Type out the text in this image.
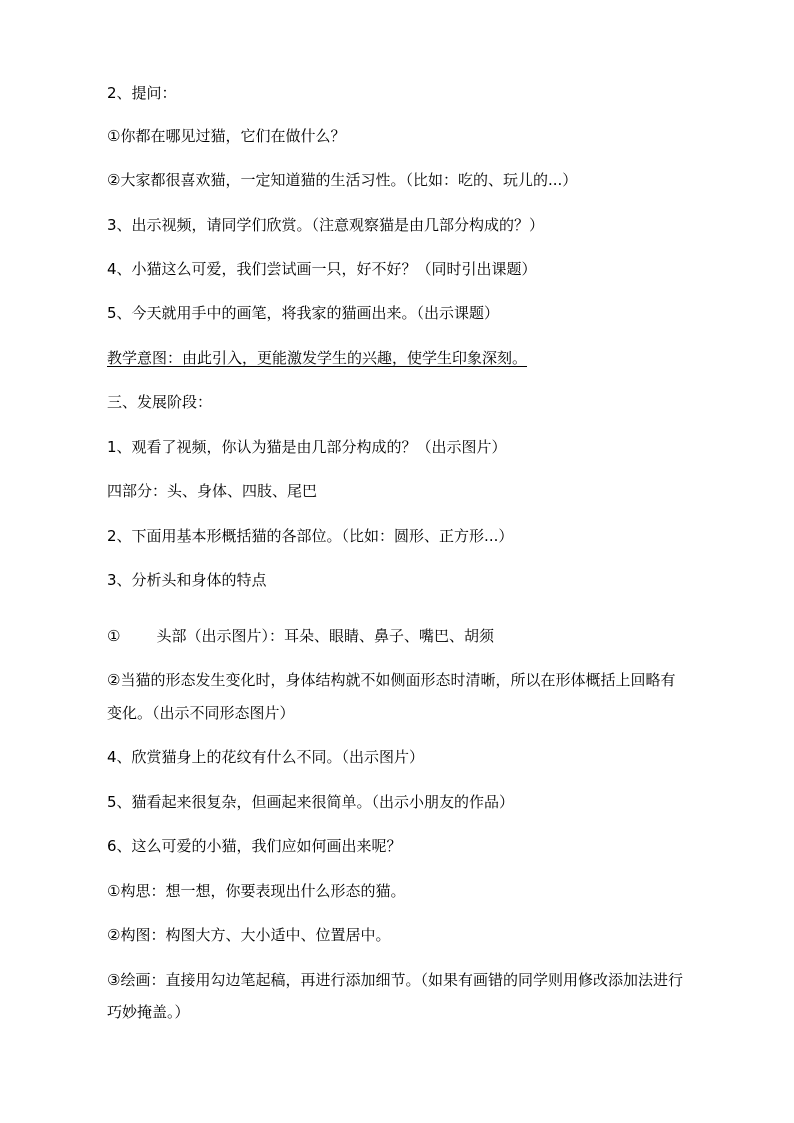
2、提问：
①你都在哪见过猫，它们在做什么？
②大家都很喜欢猫，一定知道猫的生活习性。（比如：吃的、玩儿的...）
3、出示视频，请同学们欣赏。（注意观察猫是由几部分构成的？）
4、小猫这么可爱，我们尝试画一只，好不好？（同时引出课题）
5、今天就用手中的画笔，将我家的猫画出来。（出示课题）
教学意图：由此引入，更能激发学生的兴趣，使学生印象深刻。
三、发展阶段：
1、观看了视频，你认为猫是由几部分构成的？（出示图片）
四部分：头、身体、四肢、尾巴
2、下面用基本形概括猫的各部位。（比如：圆形、正方形...）
3、分析头和身体的特点
① 头部（出示图片）：耳朵、眼睛、鼻子、嘴巴、胡须
②当猫的形态发生变化时，身体结构就不如侧面形态时清晰，所以在形体概括上回略有
变化。（出示不同形态图片）
4、欣赏猫身上的花纹有什么不同。（出示图片）
5、猫看起来很复杂，但画起来很简单。（出示小朋友的作品）
6、这么可爱的小猫，我们应如何画出来呢？
①构思：想一想，你要表现出什么形态的猫。
②构图：构图大方、大小适中、位置居中。
③绘画：直接用勾边笔起稿，再进行添加细节。（如果有画错的同学则用修改添加法进行
巧妙掩盖。）
